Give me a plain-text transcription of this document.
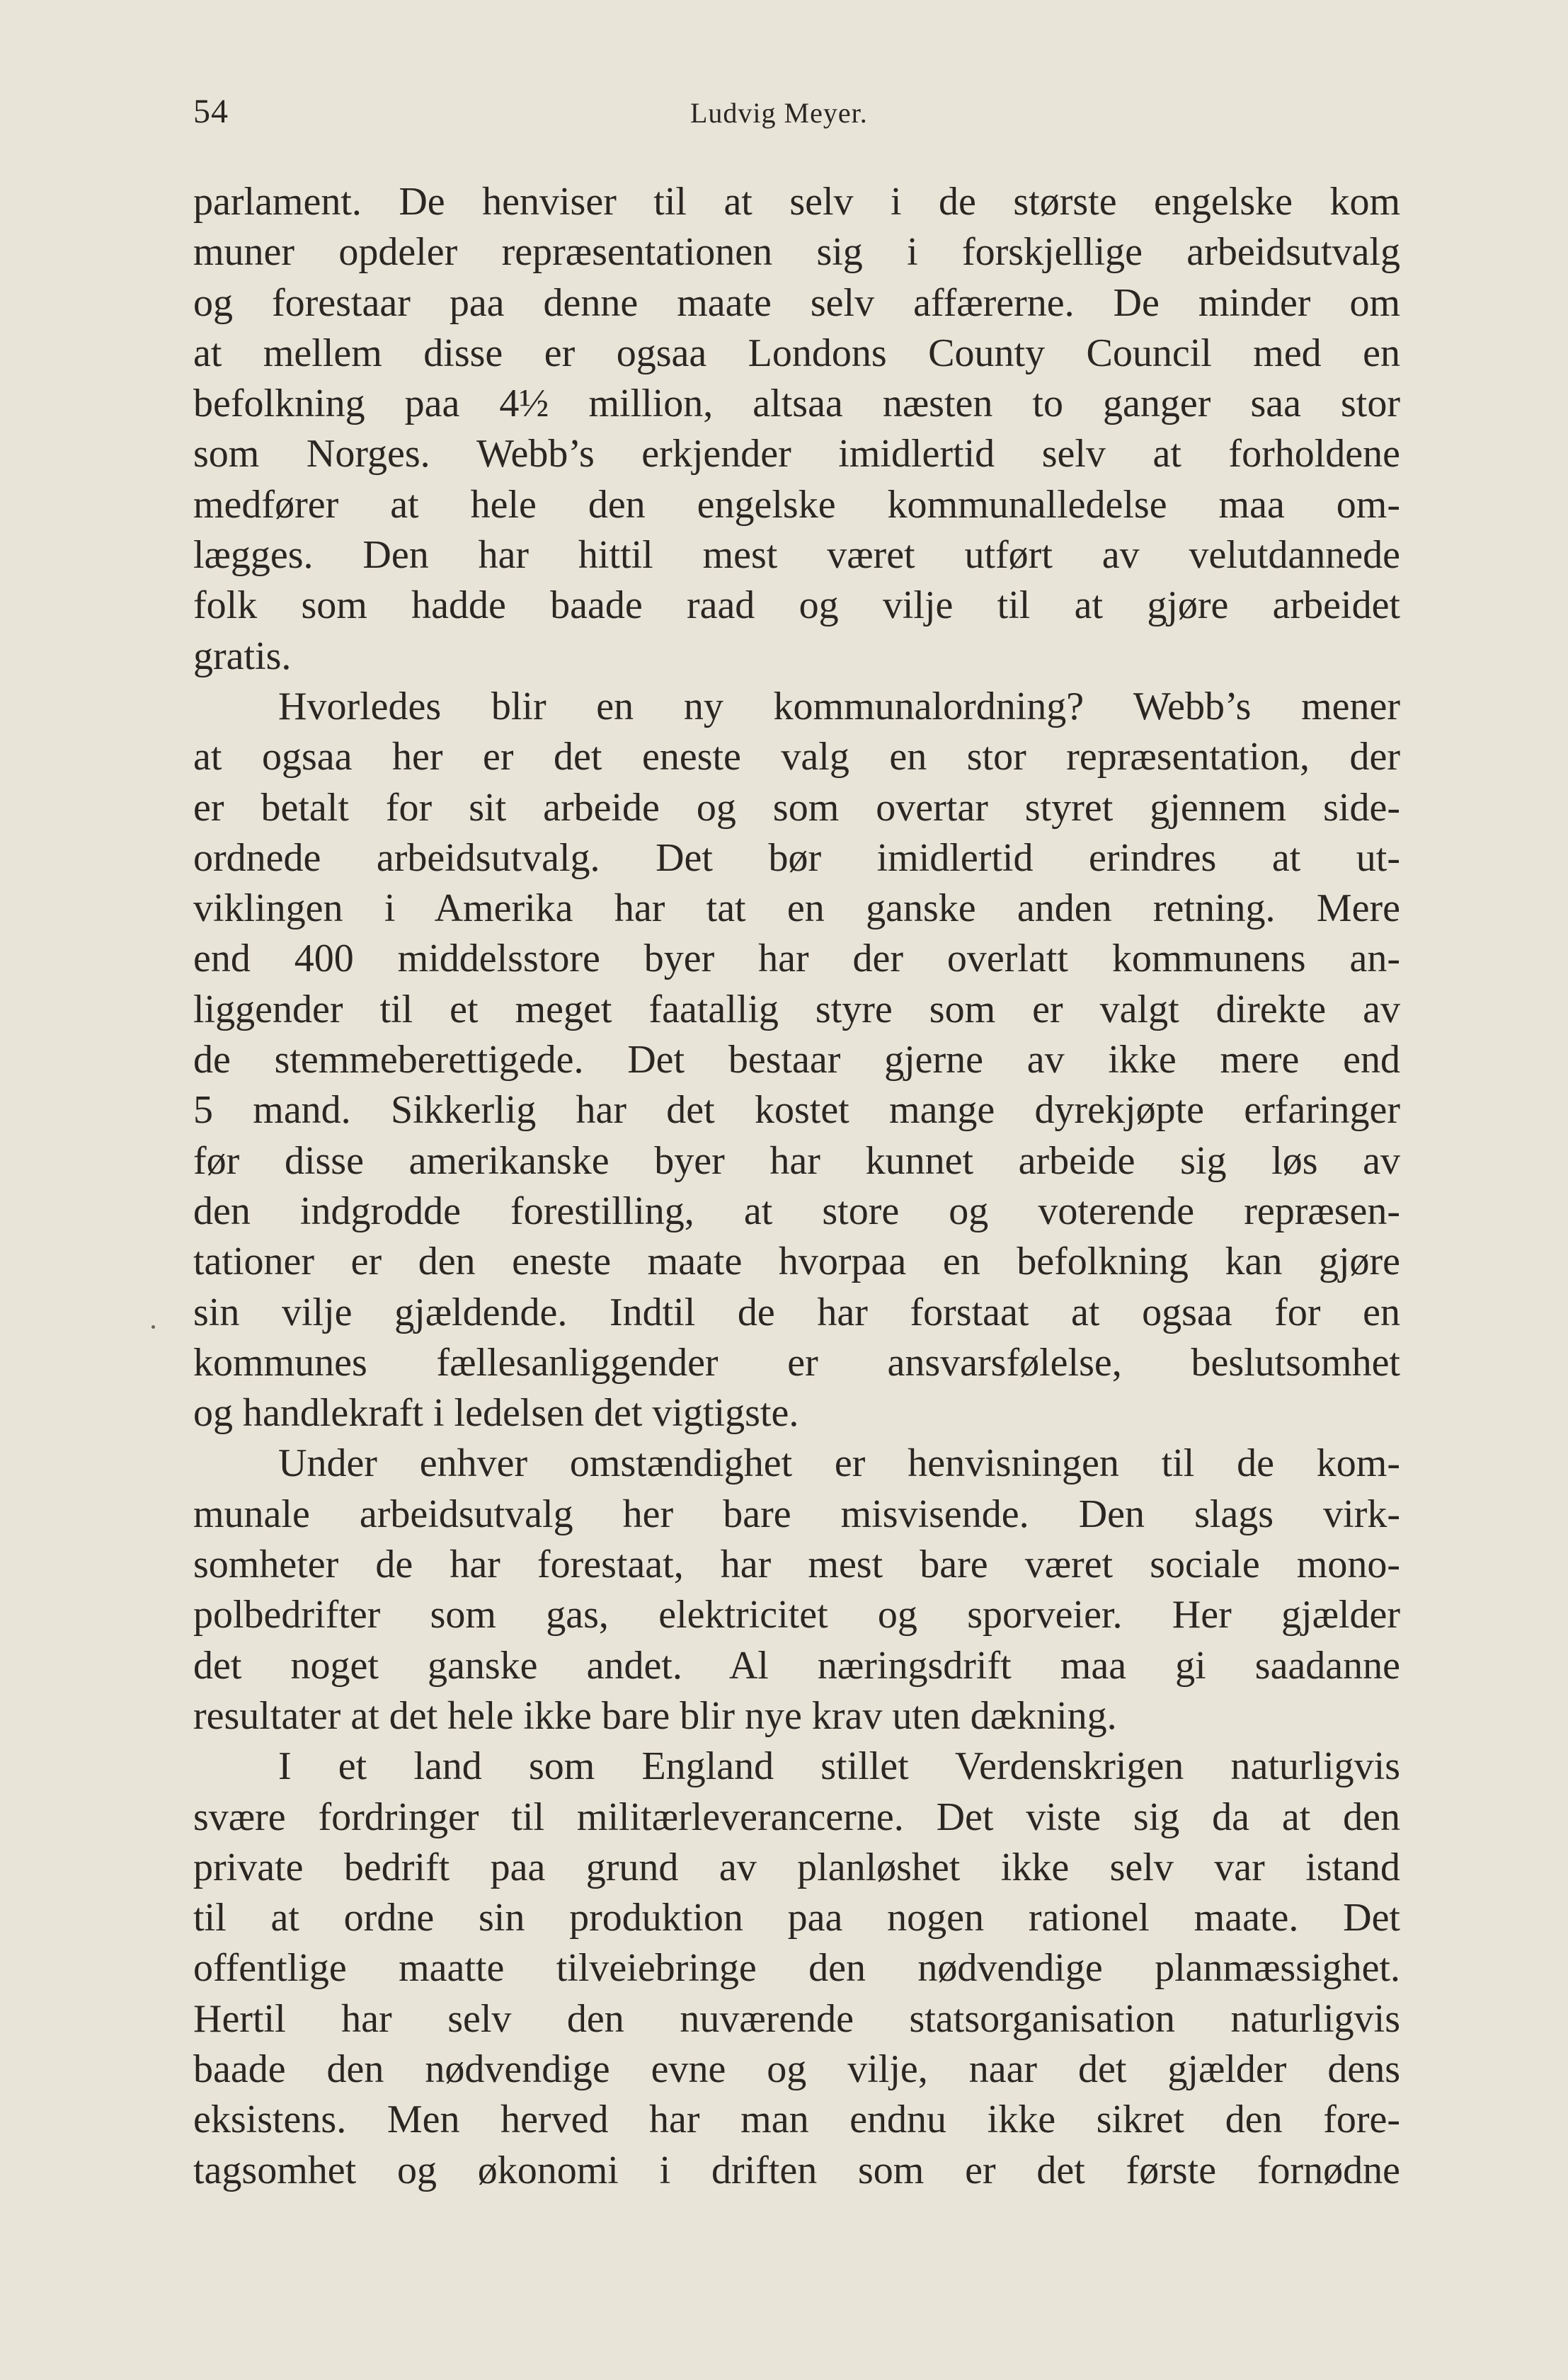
54	Ludvig Meyer.
parlament. De henviser til at selv i de største engelske kom
muner opdeler repræsentationen sig i forskjellige arbeidsutvalg
og forestaar paa denne maate selv affærerne. De minder om
at mellem disse er ogsaa Londons County Council med en
befolkning paa 4½ million, altsaa næsten to ganger saa stor
som Norges. Webb’s erkjender imidlertid selv at forholdene
medfører at hele den engelske kommunalledelse maa om-
lægges. Den har hittil mest været utført av velutdannede
folk som hadde baade raad og vilje til at gjøre arbeidet
gratis.
Hvorledes blir en ny kommunalordning? Webb’s mener
at ogsaa her er det eneste valg en stor repræsentation, der
er betalt for sit arbeide og som overtar styret gjennem side-
ordnede arbeidsutvalg. Det bør imidlertid erindres at ut-
viklingen i Amerika har tat en ganske anden retning. Mere
end 400 middelsstore byer har der overlatt kommunens an-
liggender til et meget faatallig styre som er valgt direkte av
de stemmeberettigede. Det bestaar gjerne av ikke mere end
5 mand. Sikkerlig har det kostet mange dyrekjøpte erfaringer
før disse amerikanske byer har kunnet arbeide sig løs av
den indgrodde forestilling, at store og voterende repræsen-
tationer er den eneste maate hvorpaa en befolkning kan gjøre
sin vilje gjældende. Indtil de har forstaat at ogsaa for en
kommunes fællesanliggender er ansvarsfølelse, beslutsomhet
og handlekraft i ledelsen det vigtigste.
Under enhver omstændighet er henvisningen til de kom-
munale arbeidsutvalg her bare misvisende. Den slags virk-
somheter de har forestaat, har mest bare været sociale mono-
polbedrifter som gas, elektricitet og sporveier. Her gjælder
det noget ganske andet. Al næringsdrift maa gi saadanne
resultater at det hele ikke bare blir nye krav uten dækning.
I et land som England stillet Verdenskrigen naturligvis
svære fordringer til militærleverancerne. Det viste sig da at den
private bedrift paa grund av planløshet ikke selv var istand
til at ordne sin produktion paa nogen rationel maate. Det
offentlige maatte tilveiebringe den nødvendige planmæssighet.
Hertil har selv den nuværende statsorganisation naturligvis
baade den nødvendige evne og vilje, naar det gjælder dens
eksistens. Men herved har man endnu ikke sikret den fore-
tagsomhet og økonomi i driften som er det første fornødne
